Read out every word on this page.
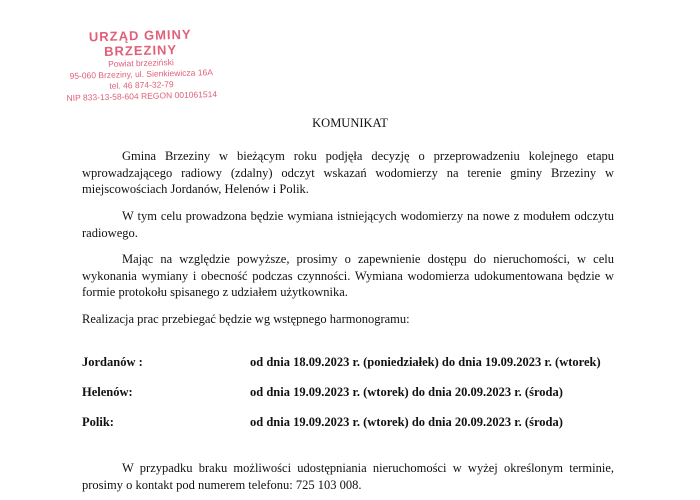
URZĄD GMINY BRZEZINY
Powiat brzeziński
95-060 Brzeziny, ul. Sienkiewicza 16A
tel. 46 874-32-79
NIP 833-13-58-604 REGON 001061514
KOMUNIKAT

Gmina Brzeziny w bieżącym roku podjęła decyzję o przeprowadzeniu kolejnego etapu wprowadzającego radiowy (zdalny) odczyt wskazań wodomierzy na terenie gminy Brzeziny w miejscowościach Jordanów, Helenów i Polik.

W tym celu prowadzona będzie wymiana istniejących wodomierzy na nowe z modułem odczytu radiowego.

Mając na względzie powyższe, prosimy o zapewnienie dostępu do nieruchomości, w celu wykonania wymiany i obecność podczas czynności. Wymiana wodomierza udokumentowana będzie w formie protokołu spisanego z udziałem użytkownika.

Realizacja prac przebiegać będzie wg wstępnego harmonogramu:

Jordanów :	od dnia 18.09.2023 r. (poniedziałek) do dnia 19.09.2023 r. (wtorek)
Helenów:	od dnia 19.09.2023 r. (wtorek) do dnia 20.09.2023 r. (środa)
Polik:	od dnia 19.09.2023 r. (wtorek) do dnia 20.09.2023 r. (środa)

W przypadku braku możliwości udostępniania nieruchomości w wyżej określonym terminie, prosimy o kontakt pod numerem telefonu: 725 103 008.
